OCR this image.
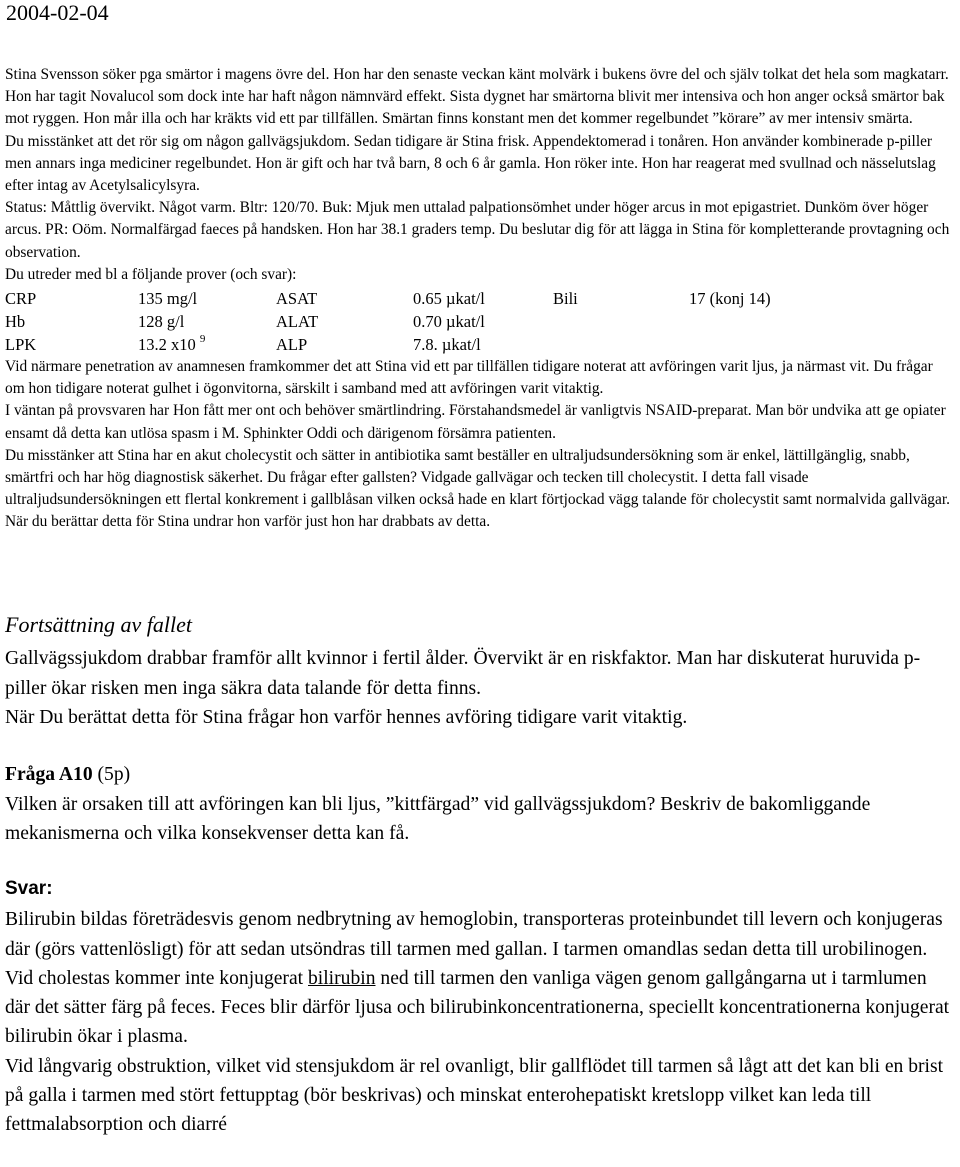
2004-02-04

Stina Svensson söker pga smärtor i magens övre del. Hon har den senaste veckan känt molvärk i bukens övre del och själv tolkat det hela som magkatarr. Hon har tagit Novalucol som dock inte har haft någon nämnvärd effekt. Sista dygnet har smärtorna blivit mer intensiva och hon anger också smärtor bak mot ryggen. Hon mår illa och har kräkts vid ett par tillfällen. Smärtan finns konstant men det kommer regelbundet ”körare” av mer intensiv smärta.

Du misstänket att det rör sig om någon gallvägsjukdom. Sedan tidigare är Stina frisk. Appendektomerad i tonåren. Hon använder kombinerade p-piller men annars inga mediciner regelbundet. Hon är gift och har två barn, 8 och 6 år gamla. Hon röker inte. Hon har reagerat med svullnad och nässelutslag efter intag av Acetylsalicylsyra.

Status: Måttlig övervikt. Något varm. Bltr: 120/70. Buk: Mjuk men uttalad palpationsömhet under höger arcus in mot epigastriet. Dunköm över höger arcus. PR: Oöm. Normalfärgad faeces på handsken. Hon har 38.1 graders temp. Du beslutar dig för att lägga in Stina för kompletterande provtagning och observation.

Du utreder med bl a följande prover (och svar):

CRP	135 mg/l	ASAT	0.65 µkat/l	Bili	17 (konj 14)
Hb	128 g/l	ALAT	0.70 µkat/l		
LPK	13.2 x10 $^9$	ALP	7.8. µkat/l		

Vid närmare penetration av anamnesen framkommer det att Stina vid ett par tillfällen tidigare noterat att avföringen varit ljus, ja närmast vit. Du frågar om hon tidigare noterat gulhet i ögonvitorna, särskilt i samband med att avföringen varit vitaktig.

I väntan på provsvaren har Hon fått mer ont och behöver smärtlindring. Förstahandsmedel är vanligtvis NSAID-preparat. Man bör undvika att ge opiater ensamt då detta kan utlösa spasm i M. Sphinkter Oddi och därigenom försämra patienten.

Du misstänker att Stina har en akut cholecystit och sätter in antibiotika samt beställer en ultraljudsundersökning som är enkel, lättillgänglig, snabb, smärtfri och har hög diagnostisk säkerhet. Du frågar efter gallsten? Vidgade gallvägar och tecken till cholecystit. I detta fall visade ultraljudsundersökningen ett flertal konkrement i gallblåsan vilken också hade en klart förtjockad vägg talande för cholecystit samt normalvida gallvägar. När du berättar detta för Stina undrar hon varför just hon har drabbats av detta.

Fortsättning av fallet

Gallvägssjukdom drabbar framför allt kvinnor i fertil ålder. Övervikt är en riskfaktor. Man har diskuterat huruvida p-piller ökar risken men inga säkra data talande för detta finns.

När Du berättat detta för Stina frågar hon varför hennes avföring tidigare varit vitaktig.

Fråga A10 (5p)

Vilken är orsaken till att avföringen kan bli ljus, ”kittfärgad” vid gallvägssjukdom? Beskriv de bakomliggande mekanismerna och vilka konsekvenser detta kan få.

Svar:

Bilirubin bildas företrädesvis genom nedbrytning av hemoglobin, transporteras proteinbundet till levern och konjugeras där (görs vattenlösligt) för att sedan utsöndras till tarmen med gallan. I tarmen omandlas sedan detta till urobilinogen.

Vid cholestas kommer inte konjugerat bilirubin ned till tarmen den vanliga vägen genom gallgångarna ut i tarmlumen där det sätter färg på feces. Feces blir därför ljusa och bilirubinkoncentrationerna, speciellt koncentrationerna konjugerat bilirubin ökar i plasma.

Vid långvarig obstruktion, vilket vid stensjukdom är rel ovanligt, blir gallflödet till tarmen så lågt att det kan bli en brist på galla i tarmen med stört fettupptag (bör beskrivas) och minskat enterohepatiskt kretslopp vilket kan leda till fettmalabsorption och diarré
